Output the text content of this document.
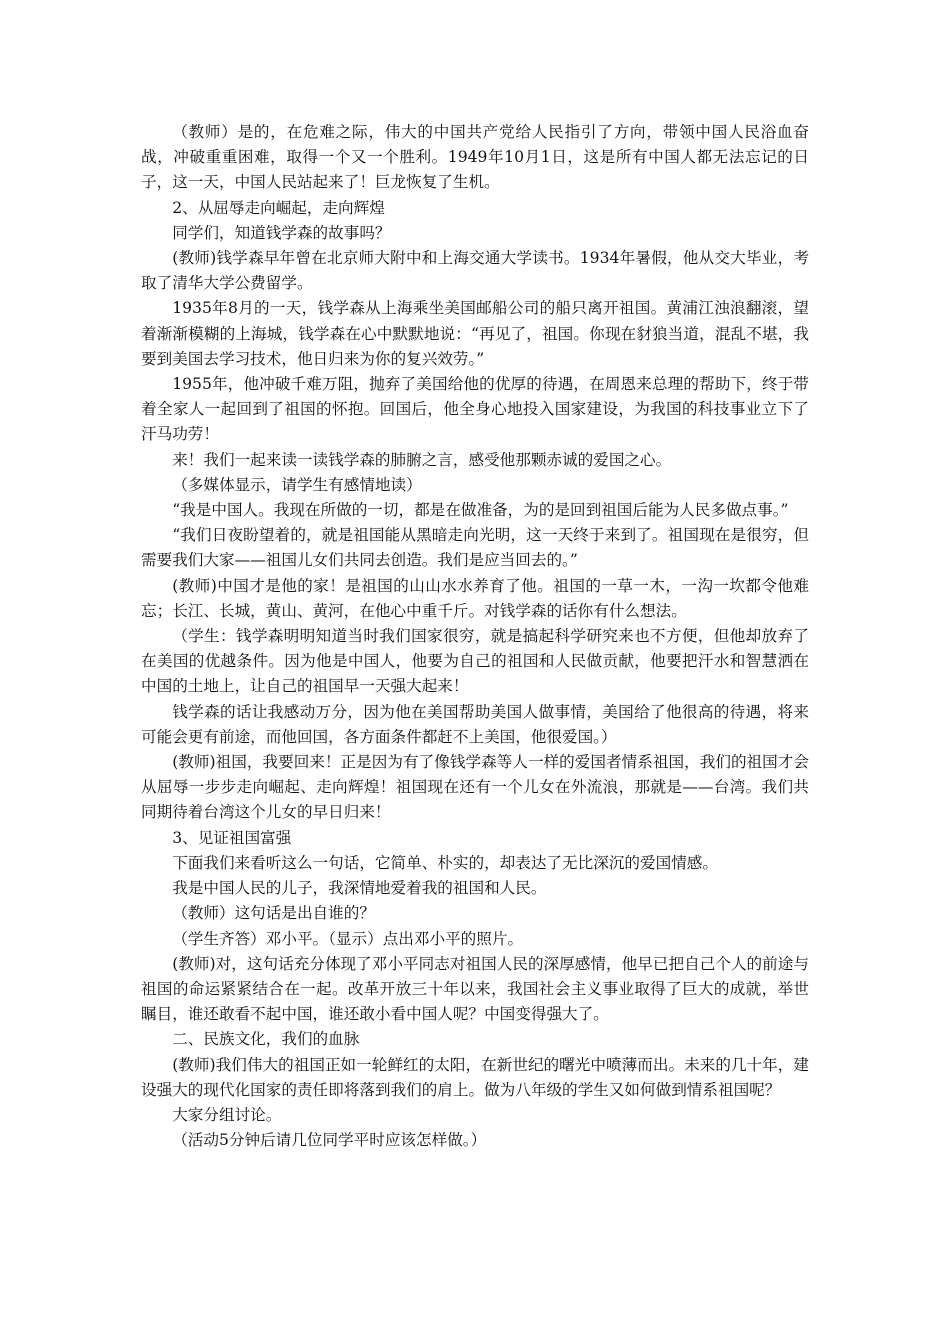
（教师）是的，在危难之际，伟大的中国共产党给人民指引了方向，带领中国人民浴血奋战，冲破重重困难，取得一个又一个胜利。1949年10月1日，这是所有中国人都无法忘记的日子，这一天，中国人民站起来了！巨龙恢复了生机。

2、从屈辱走向崛起，走向辉煌

同学们，知道钱学森的故事吗？

(教师)钱学森早年曾在北京师大附中和上海交通大学读书。1934年暑假，他从交大毕业，考取了清华大学公费留学。

1935年8月的一天，钱学森从上海乘坐美国邮船公司的船只离开祖国。黄浦江浊浪翻滚，望着渐渐模糊的上海城，钱学森在心中默默地说：“再见了，祖国。你现在豺狼当道，混乱不堪，我要到美国去学习技术，他日归来为你的复兴效劳。”

1955年，他冲破千难万阻，抛弃了美国给他的优厚的待遇，在周恩来总理的帮助下，终于带着全家人一起回到了祖国的怀抱。回国后，他全身心地投入国家建设，为我国的科技事业立下了汗马功劳！

来！我们一起来读一读钱学森的肺腑之言，感受他那颗赤诚的爱国之心。

（多媒体显示，请学生有感情地读）

“我是中国人。我现在所做的一切，都是在做准备，为的是回到祖国后能为人民多做点事。”

“我们日夜盼望着的，就是祖国能从黑暗走向光明，这一天终于来到了。祖国现在是很穷，但需要我们大家——祖国儿女们共同去创造。我们是应当回去的。”

(教师)中国才是他的家！是祖国的山山水水养育了他。祖国的一草一木，一沟一坎都令他难忘；长江、长城，黄山、黄河，在他心中重千斤。对钱学森的话你有什么想法。

（学生：钱学森明明知道当时我们国家很穷，就是搞起科学研究来也不方便，但他却放弃了在美国的优越条件。因为他是中国人，他要为自己的祖国和人民做贡献，他要把汗水和智慧洒在中国的土地上，让自己的祖国早一天强大起来！

钱学森的话让我感动万分，因为他在美国帮助美国人做事情，美国给了他很高的待遇，将来可能会更有前途，而他回国，各方面条件都赶不上美国，他很爱国。）

(教师)祖国，我要回来！正是因为有了像钱学森等人一样的爱国者情系祖国，我们的祖国才会从屈辱一步步走向崛起、走向辉煌！祖国现在还有一个儿女在外流浪，那就是——台湾。我们共同期待着台湾这个儿女的早日归来！

3、见证祖国富强

下面我们来看听这么一句话，它简单、朴实的，却表达了无比深沉的爱国情感。

我是中国人民的儿子，我深情地爱着我的祖国和人民。

（教师）这句话是出自谁的？

（学生齐答）邓小平。（显示）点出邓小平的照片。

(教师)对，这句话充分体现了邓小平同志对祖国人民的深厚感情，他早已把自己个人的前途与祖国的命运紧紧结合在一起。改革开放三十年以来，我国社会主义事业取得了巨大的成就，举世瞩目，谁还敢看不起中国，谁还敢小看中国人呢？中国变得强大了。

二、民族文化，我们的血脉

(教师)我们伟大的祖国正如一轮鲜红的太阳，在新世纪的曙光中喷薄而出。未来的几十年，建设强大的现代化国家的责任即将落到我们的肩上。做为八年级的学生又如何做到情系祖国呢？

大家分组讨论。

（活动5分钟后请几位同学平时应该怎样做。）
